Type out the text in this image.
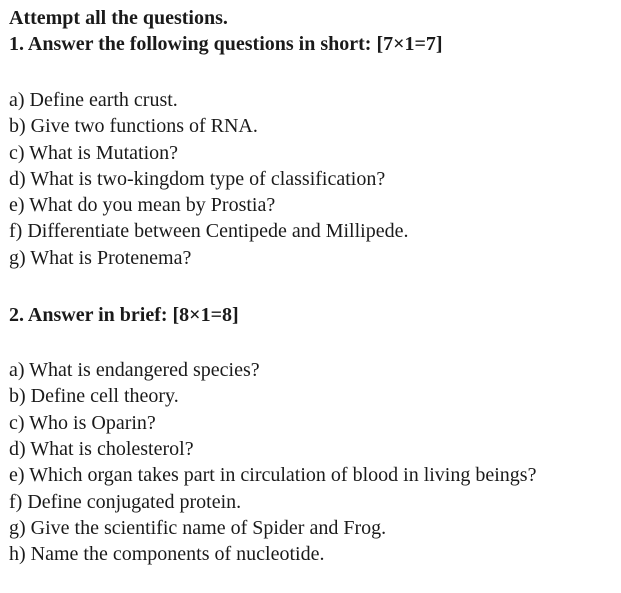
Attempt all the questions.

1. Answer the following questions in short: [7×1=7]

a) Define earth crust.
b) Give two functions of RNA.
c) What is Mutation?
d) What is two-kingdom type of classification?
e) What do you mean by Prostia?
f) Differentiate between Centipede and Millipede.
g) What is Protenema?

2. Answer in brief: [8×1=8]

a) What is endangered species?
b) Define cell theory.
c) Who is Oparin?
d) What is cholesterol?
e) Which organ takes part in circulation of blood in living beings?
f) Define conjugated protein.
g) Give the scientific name of Spider and Frog.
h) Name the components of nucleotide.
